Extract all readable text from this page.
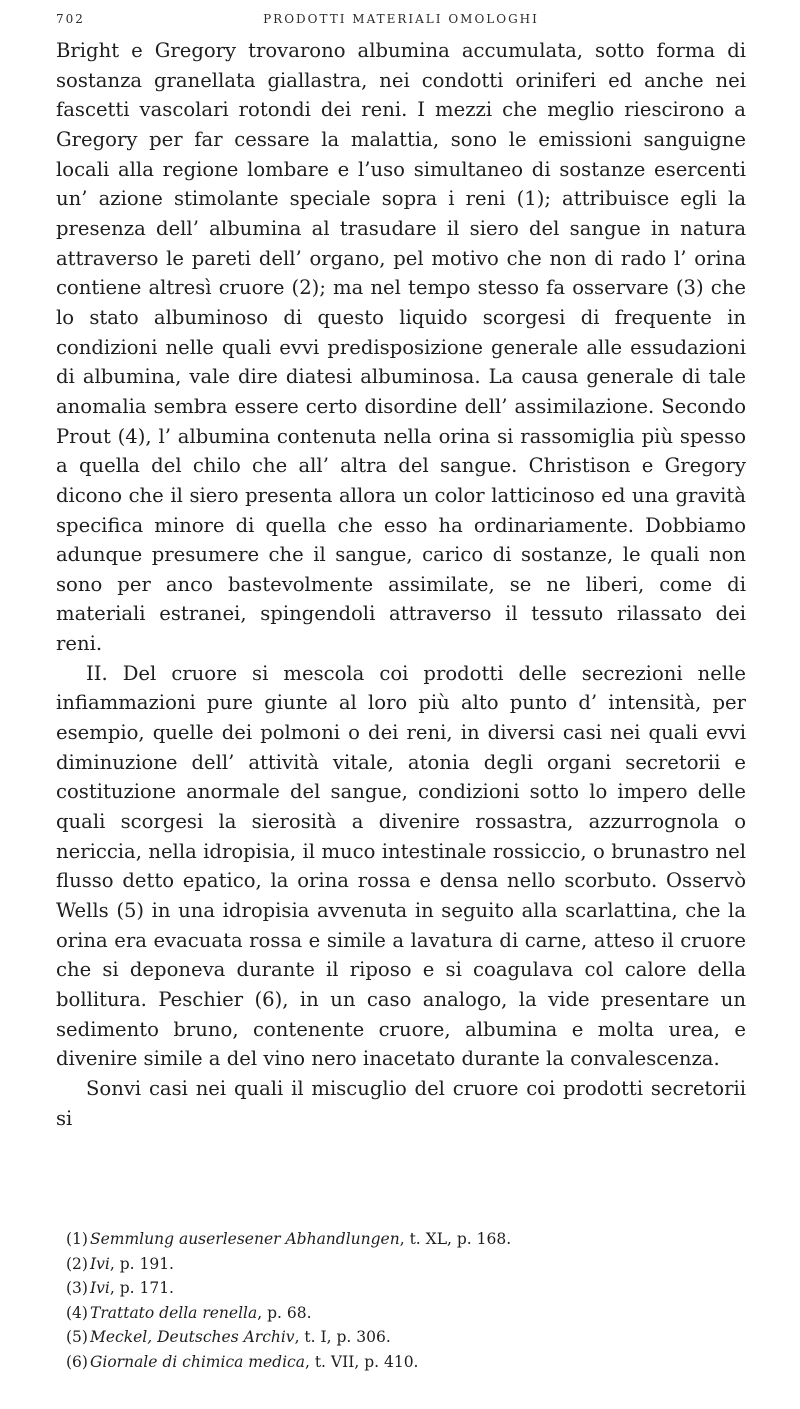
702	PRODOTTI MATERIALI OMOLOGHI

Bright e Gregory trovarono albumina accumulata, sotto forma di sostanza granellata giallastra, nei condotti oriniferi ed anche nei fascetti vascolari rotondi dei reni. I mezzi che meglio riescirono a Gregory per far cessare la malattia, sono le emissioni sanguigne locali alla regione lombare e l’uso simultaneo di sostanze esercenti un’ azione stimolante speciale sopra i reni (1); attribuisce egli la presenza dell’ albumina al trasudare il siero del sangue in natura attraverso le pareti dell’ organo, pel motivo che non di rado l’ orina contiene altresì cruore (2); ma nel tempo stesso fa osservare (3) che lo stato albuminoso di questo liquido scorgesi di frequente in condizioni nelle quali evvi predisposizione generale alle essudazioni di albumina, vale dire diatesi albuminosa. La causa generale di tale anomalia sembra essere certo disordine dell’ assimilazione. Secondo Prout (4), l’ albumina contenuta nella orina si rassomiglia più spesso a quella del chilo che all’ altra del sangue. Christison e Gregory dicono che il siero presenta allora un color latticinoso ed una gravità specifica minore di quella che esso ha ordinariamente. Dobbiamo adunque presumere che il sangue, carico di sostanze, le quali non sono per anco bastevolmente assimilate, se ne liberi, come di materiali estranei, spingendoli attraverso il tessuto rilassato dei reni.

II. Del cruore si mescola coi prodotti delle secrezioni nelle infiammazioni pure giunte al loro più alto punto d’ intensità, per esempio, quelle dei polmoni o dei reni, in diversi casi nei quali evvi diminuzione dell’ attività vitale, atonia degli organi secretorii e costituzione anormale del sangue, condizioni sotto lo impero delle quali scorgesi la sierosità a divenire rossastra, azzurrognola o nericcia, nella idropisia, il muco intestinale rossiccio, o brunastro nel flusso detto epatico, la orina rossa e densa nello scorbuto. Osservò Wells (5) in una idropisia avvenuta in seguito alla scarlattina, che la orina era evacuata rossa e simile a lavatura di carne, atteso il cruore che si deponeva durante il riposo e si coagulava col calore della bollitura. Peschier (6), in un caso analogo, la vide presentare un sedimento bruno, contenente cruore, albumina e molta urea, e divenire simile a del vino nero inacetato durante la convalescenza.

Sonvi casi nei quali il miscuglio del cruore coi prodotti secretorii si

(1) Semmlung auserlesener Abhandlungen, t. XL, p. 168.
(2) Ivi, p. 191.
(3) Ivi, p. 171.
(4) Trattato della renella, p. 68.
(5) Meckel, Deutsches Archiv, t. I, p. 306.
(6) Giornale di chimica medica, t. VII, p. 410.
